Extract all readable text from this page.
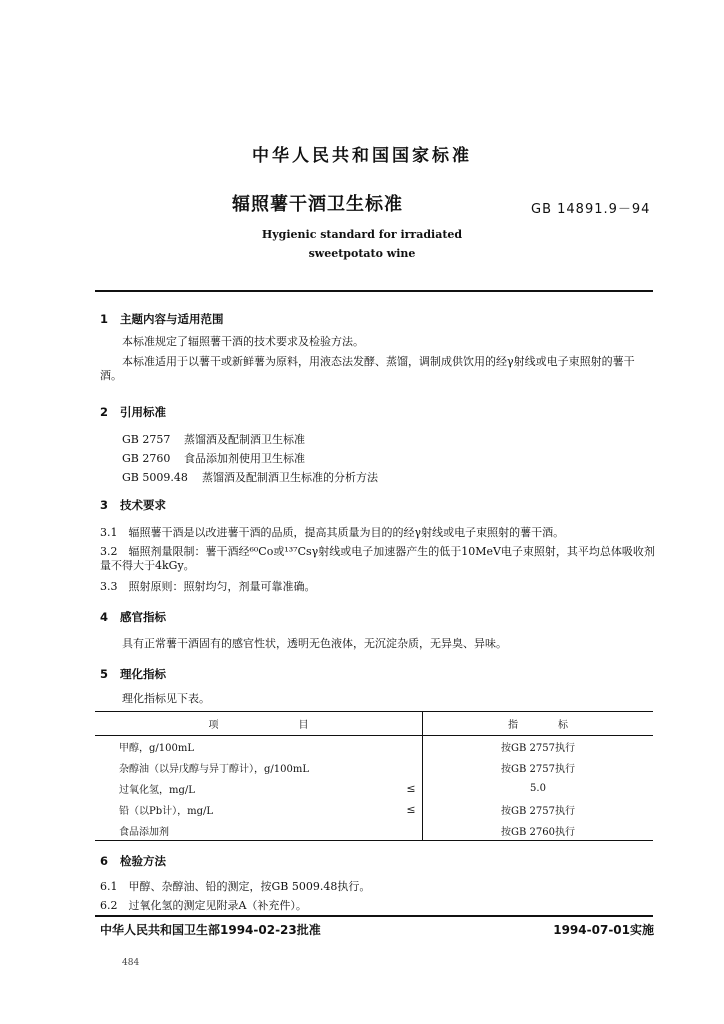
中华人民共和国国家标准
辐照薯干酒卫生标准	GB 14891.9－94
Hygienic standard for irradiated
sweetpotato wine
1 主题内容与适用范围
本标准规定了辐照薯干酒的技术要求及检验方法。
本标准适用于以薯干或新鲜薯为原料，用液态法发酵、蒸馏，调制成供饮用的经γ射线或电子束照射的薯干酒。
2 引用标准
GB 2757 蒸馏酒及配制酒卫生标准
GB 2760 食品添加剂使用卫生标准
GB 5009.48 蒸馏酒及配制酒卫生标准的分析方法
3 技术要求
3.1　辐照薯干酒是以改进薯干酒的品质，提高其质量为目的的经γ射线或电子束照射的薯干酒。
3.2　辐照剂量限制：薯干酒经⁶⁰Co或¹³⁷Csγ射线或电子加速器产生的低于10MeV电子束照射，其平均总体吸收剂量不得大于4kGy。
3.3　照射原则：照射均匀，剂量可靠准确。
4 感官指标
具有正常薯干酒固有的感官性状，透明无色液体，无沉淀杂质，无异臭、异味。
5 理化指标
理化指标见下表。
项　　　　　　　　目		指　　　　标
甲醇，g/100mL		按GB 2757执行
杂醇油（以异戊醇与异丁醇计），g/100mL		按GB 2757执行
过氧化氢，mg/L	≤	5.0
铅（以Pb计），mg/L	≤	按GB 2757执行
食品添加剂		按GB 2760执行
6 检验方法
6.1　甲醇、杂醇油、铅的测定，按GB 5009.48执行。
6.2　过氧化氢的测定见附录A（补充件）。
中华人民共和国卫生部1994-02-23批准	1994-07-01实施
484
